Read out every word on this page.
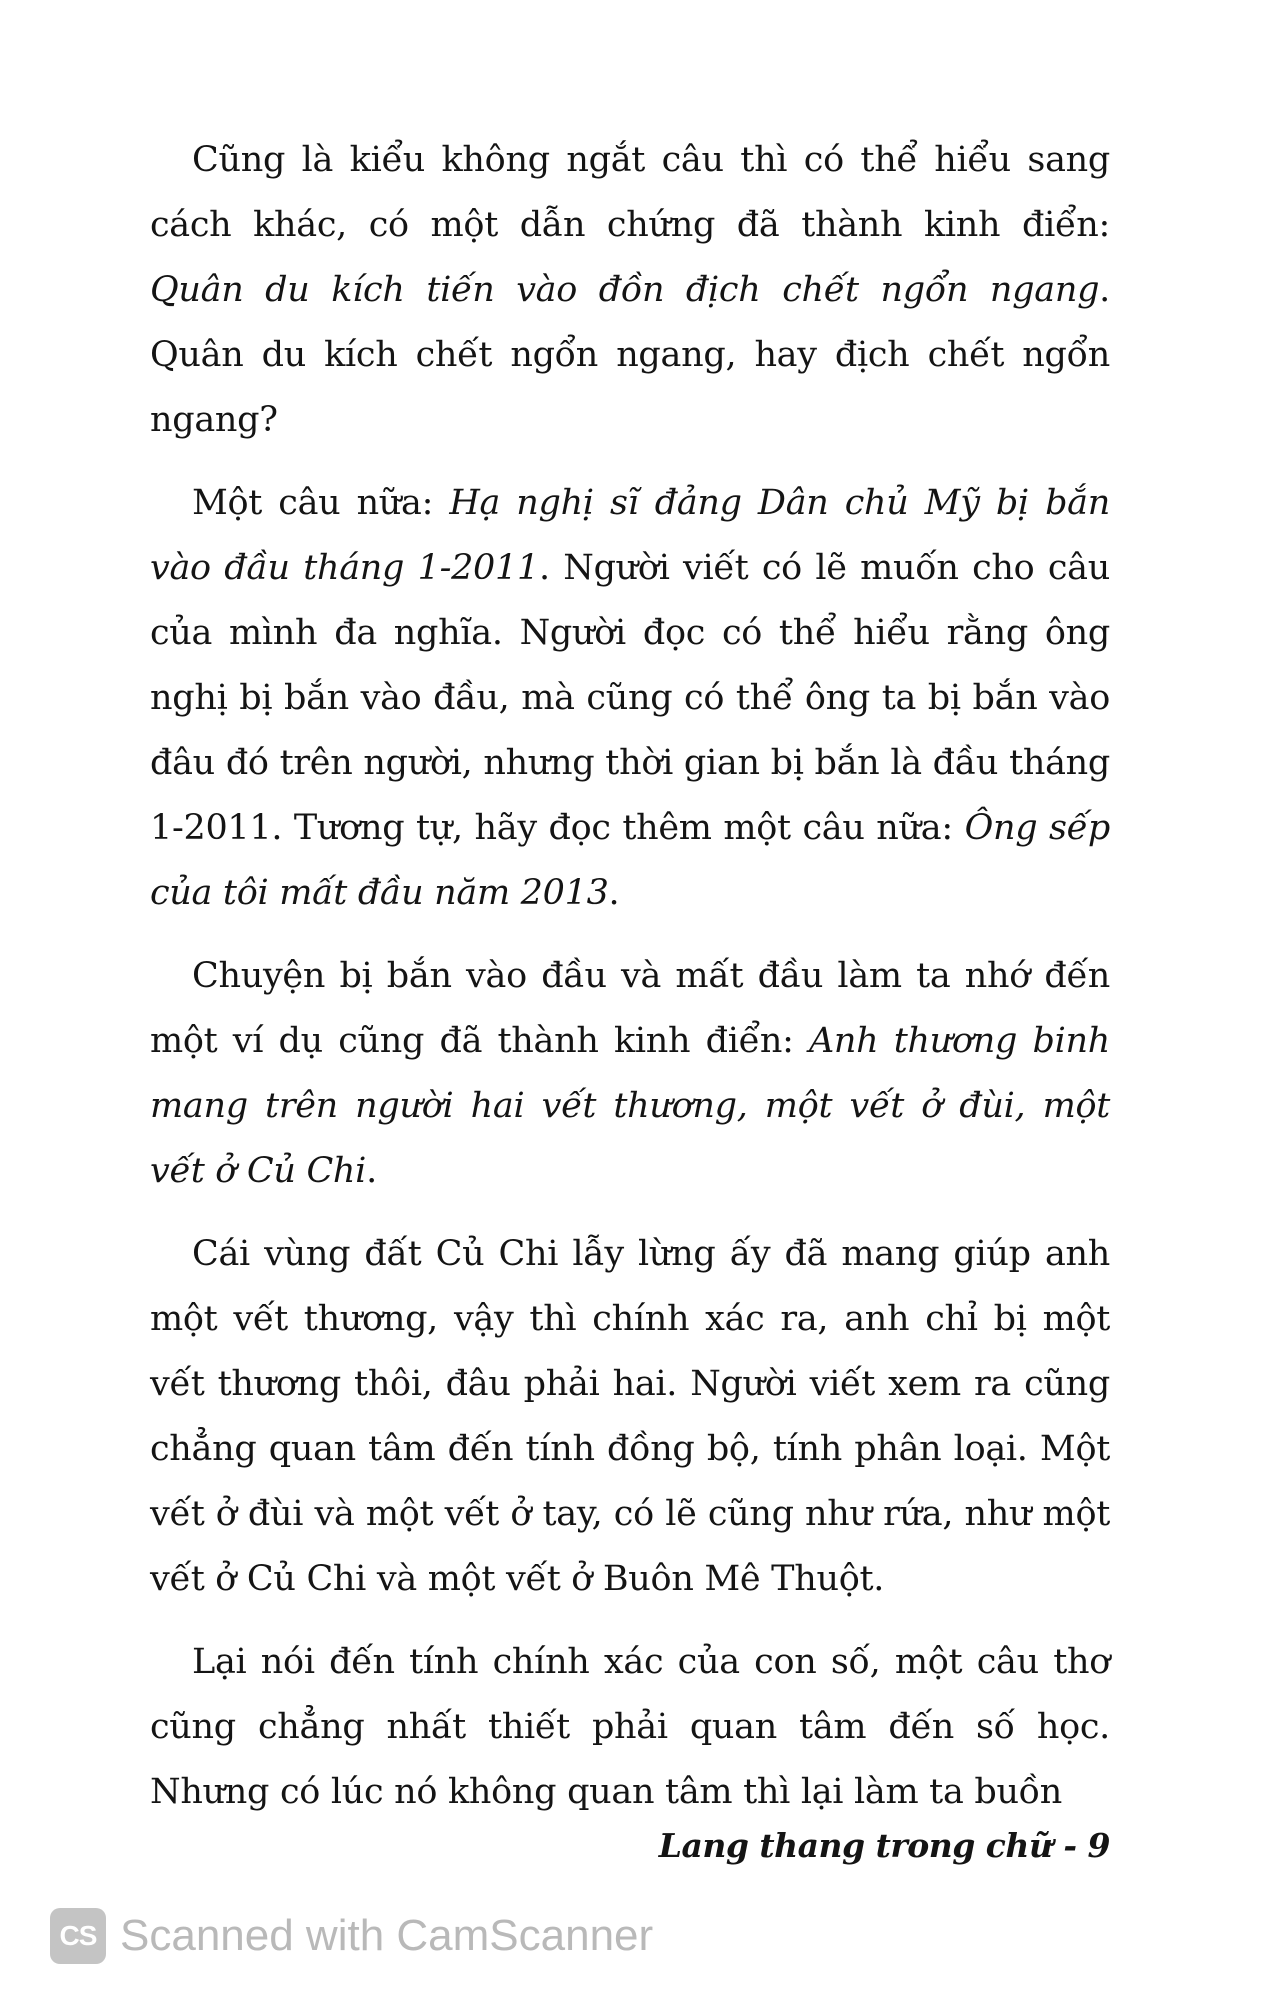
Cũng là kiểu không ngắt câu thì có thể hiểu sang cách khác, có một dẫn chứng đã thành kinh điển: Quân du kích tiến vào đồn địch chết ngổn ngang. Quân du kích chết ngổn ngang, hay địch chết ngổn ngang?

Một câu nữa: Hạ nghị sĩ đảng Dân chủ Mỹ bị bắn vào đầu tháng 1-2011. Người viết có lẽ muốn cho câu của mình đa nghĩa. Người đọc có thể hiểu rằng ông nghị bị bắn vào đầu, mà cũng có thể ông ta bị bắn vào đâu đó trên người, nhưng thời gian bị bắn là đầu tháng 1-2011. Tương tự, hãy đọc thêm một câu nữa: Ông sếp của tôi mất đầu năm 2013.

Chuyện bị bắn vào đầu và mất đầu làm ta nhớ đến một ví dụ cũng đã thành kinh điển: Anh thương binh mang trên người hai vết thương, một vết ở đùi, một vết ở Củ Chi.

Cái vùng đất Củ Chi lẫy lừng ấy đã mang giúp anh một vết thương, vậy thì chính xác ra, anh chỉ bị một vết thương thôi, đâu phải hai. Người viết xem ra cũng chẳng quan tâm đến tính đồng bộ, tính phân loại. Một vết ở đùi và một vết ở tay, có lẽ cũng như rứa, như một vết ở Củ Chi và một vết ở Buôn Mê Thuột.

Lại nói đến tính chính xác của con số, một câu thơ cũng chẳng nhất thiết phải quan tâm đến số học. Nhưng có lúc nó không quan tâm thì lại làm ta buồn

Lang thang trong chữ - 9
CS Scanned with CamScanner
